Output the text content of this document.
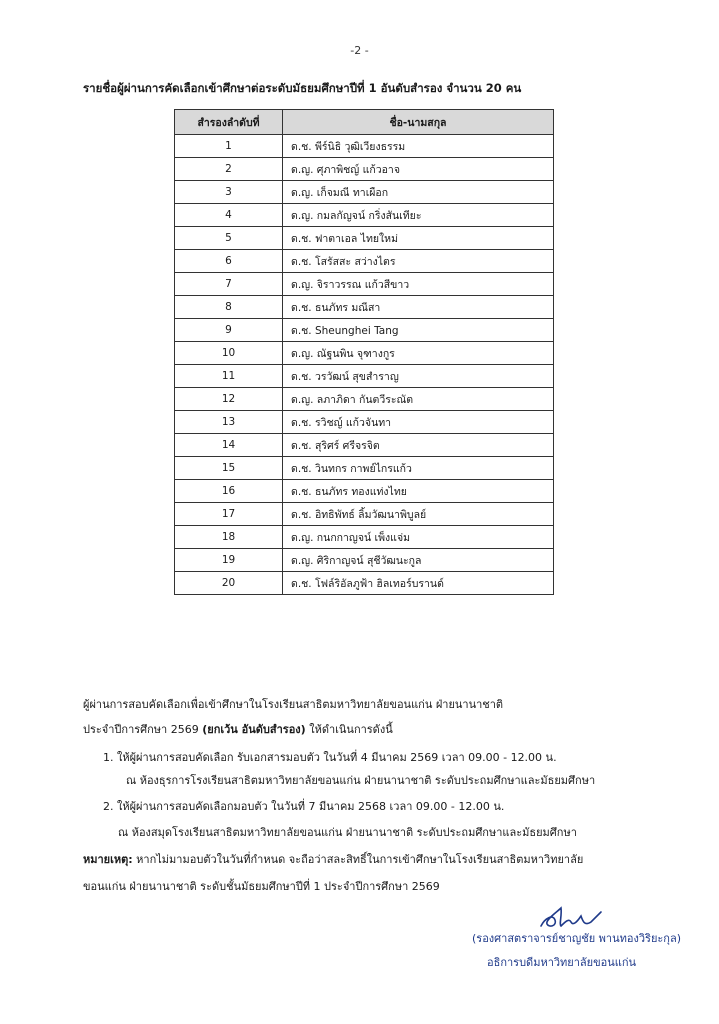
-2 -
รายชื่อผู้ผ่านการคัดเลือกเข้าศึกษาต่อระดับมัธยมศึกษาปีที่ 1 อันดับสำรอง จำนวน 20 คน
สำรองลำดับที่	ชื่อ-นามสกุล
1	ด.ช. พีร์นิธิ วุฒิเวียงธรรม
2	ด.ญ. ศุภาพิชญ์ แก้วอาจ
3	ด.ญ. เก็จมณี ทาเผือก
4	ด.ญ. กมลกัญจน์ กริ่งสันเทียะ
5	ด.ช. ฟาตาเอล ไทยใหม่
6	ด.ช. โสรัสสะ สว่างไตร
7	ด.ญ. จิราวรรณ แก้วสีขาว
8	ด.ช. ธนภัทร มณีสา
9	ด.ช. Sheunghei Tang
10	ด.ญ. ณัฐนพิน จุฑางกูร
11	ด.ช. วรวัฒน์ สุขสำราญ
12	ด.ญ. ลภาภิดา กันตวีระณัต
13	ด.ช. รวิชญ์ แก้วจันทา
14	ด.ช. สุริศร์ ศรีจรจิต
15	ด.ช. วินทกร กาพย์ไกรแก้ว
16	ด.ช. ธนภัทร ทองแท่งไทย
17	ด.ช. อิทธิพัทธ์ ลิ้มวัฒนาพิบูลย์
18	ด.ญ. กนกกาญจน์ เพ็งแจ่ม
19	ด.ญ. ศิริกาญจน์ สุชีวัฒนะกูล
20	ด.ช. โฟล์ริอัลภูฟ้า ฮิลเทอร์บรานด์
ผู้ผ่านการสอบคัดเลือกเพื่อเข้าศึกษาในโรงเรียนสาธิตมหาวิทยาลัยขอนแก่น ฝ่ายนานาชาติ
ประจำปีการศึกษา 2569 (ยกเว้น อันดับสำรอง) ให้ดำเนินการดังนี้
1. ให้ผู้ผ่านการสอบคัดเลือก รับเอกสารมอบตัว ในวันที่ 4 มีนาคม 2569 เวลา 09.00 - 12.00 น.
ณ ห้องธุรการโรงเรียนสาธิตมหาวิทยาลัยขอนแก่น ฝ่ายนานาชาติ ระดับประถมศึกษาและมัธยมศึกษา
2. ให้ผู้ผ่านการสอบคัดเลือกมอบตัว ในวันที่ 7 มีนาคม 2568 เวลา 09.00 - 12.00 น.
ณ ห้องสมุดโรงเรียนสาธิตมหาวิทยาลัยขอนแก่น ฝ่ายนานาชาติ ระดับประถมศึกษาและมัธยมศึกษา
หมายเหตุ: หากไม่มามอบตัวในวันที่กำหนด จะถือว่าสละสิทธิ์ในการเข้าศึกษาในโรงเรียนสาธิตมหาวิทยาลัย
ขอนแก่น ฝ่ายนานาชาติ ระดับชั้นมัธยมศึกษาปีที่ 1 ประจำปีการศึกษา 2569
(รองศาสตราจารย์ชาญชัย พานทองวิริยะกุล)
อธิการบดีมหาวิทยาลัยขอนแก่น
